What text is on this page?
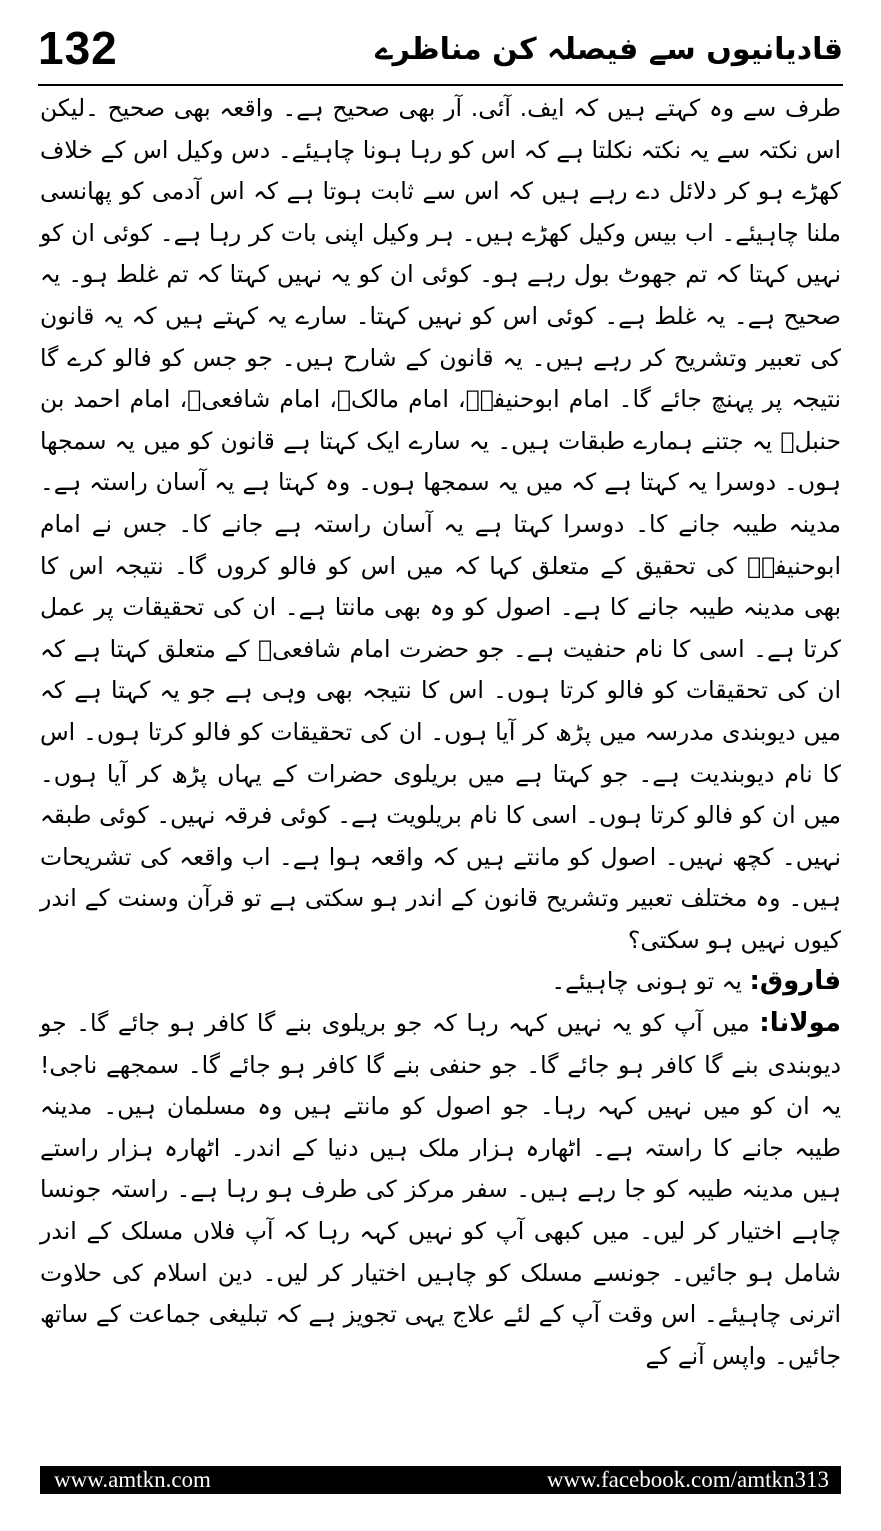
132	قادیانیوں سے فیصلہ کن مناظرے

طرف سے وہ کہتے ہیں کہ ایف. آئی. آر بھی صحیح ہے۔ واقعہ بھی صحیح ۔لیکن اس نکتہ سے یہ نکتہ نکلتا ہے کہ اس کو رہا ہونا چاہیئے۔ دس وکیل اس کے خلاف کھڑے ہو کر دلائل دے رہے ہیں کہ اس سے ثابت ہوتا ہے کہ اس آدمی کو پھانسی ملنا چاہیئے۔ اب بیس وکیل کھڑے ہیں۔ ہر وکیل اپنی بات کر رہا ہے۔ کوئی ان کو نہیں کہتا کہ تم جھوٹ بول رہے ہو۔ کوئی ان کو یہ نہیں کہتا کہ تم غلط ہو۔ یہ صحیح ہے۔ یہ غلط ہے۔ کوئی اس کو نہیں کہتا۔ سارے یہ کہتے ہیں کہ یہ قانون کی تعبیر وتشریح کر رہے ہیں۔ یہ قانون کے شارح ہیں۔ جو جس کو فالو کرے گا نتیجہ پر پہنچ جائے گا۔ امام ابوحنیفہؒ، امام مالکؒ، امام شافعیؒ، امام احمد بن حنبلؒ یہ جتنے ہمارے طبقات ہیں۔ یہ سارے ایک کہتا ہے قانون کو میں یہ سمجھا ہوں۔ دوسرا یہ کہتا ہے کہ میں یہ سمجھا ہوں۔ وہ کہتا ہے یہ آسان راستہ ہے۔ مدینہ طیبہ جانے کا۔ دوسرا کہتا ہے یہ آسان راستہ ہے جانے کا۔ جس نے امام ابوحنیفہؒ کی تحقیق کے متعلق کہا کہ میں اس کو فالو کروں گا۔ نتیجہ اس کا بھی مدینہ طیبہ جانے کا ہے۔ اصول کو وہ بھی مانتا ہے۔ ان کی تحقیقات پر عمل کرتا ہے۔ اسی کا نام حنفیت ہے۔ جو حضرت امام شافعیؒ کے متعلق کہتا ہے کہ ان کی تحقیقات کو فالو کرتا ہوں۔ اس کا نتیجہ بھی وہی ہے جو یہ کہتا ہے کہ میں دیوبندی مدرسہ میں پڑھ کر آیا ہوں۔ ان کی تحقیقات کو فالو کرتا ہوں۔ اس کا نام دیوبندیت ہے۔ جو کہتا ہے میں بریلوی حضرات کے یہاں پڑھ کر آیا ہوں۔ میں ان کو فالو کرتا ہوں۔ اسی کا نام بریلویت ہے۔ کوئی فرقہ نہیں۔ کوئی طبقہ نہیں۔ کچھ نہیں۔ اصول کو مانتے ہیں کہ واقعہ ہوا ہے۔ اب واقعہ کی تشریحات ہیں۔ وہ مختلف تعبیر وتشریح قانون کے اندر ہو سکتی ہے تو قرآن وسنت کے اندر کیوں نہیں ہو سکتی؟

فاروق: یہ تو ہونی چاہیئے۔

مولانا: میں آپ کو یہ نہیں کہہ رہا کہ جو بریلوی بنے گا کافر ہو جائے گا۔ جو دیوبندی بنے گا کافر ہو جائے گا۔ جو حنفی بنے گا کافر ہو جائے گا۔ سمجھے ناجی! یہ ان کو میں نہیں کہہ رہا۔ جو اصول کو مانتے ہیں وہ مسلمان ہیں۔ مدینہ طیبہ جانے کا راستہ ہے۔ اٹھارہ ہزار ملک ہیں دنیا کے اندر۔ اٹھارہ ہزار راستے ہیں مدینہ طیبہ کو جا رہے ہیں۔ سفر مرکز کی طرف ہو رہا ہے۔ راستہ جونسا چاہے اختیار کر لیں۔ میں کبھی آپ کو نہیں کہہ رہا کہ آپ فلاں مسلک کے اندر شامل ہو جائیں۔ جونسے مسلک کو چاہیں اختیار کر لیں۔ دین اسلام کی حلاوت اترنی چاہیئے۔ اس وقت آپ کے لئے علاج یہی تجویز ہے کہ تبلیغی جماعت کے ساتھ جائیں۔ واپس آنے کے

www.amtkn.com	www.facebook.com/amtkn313
